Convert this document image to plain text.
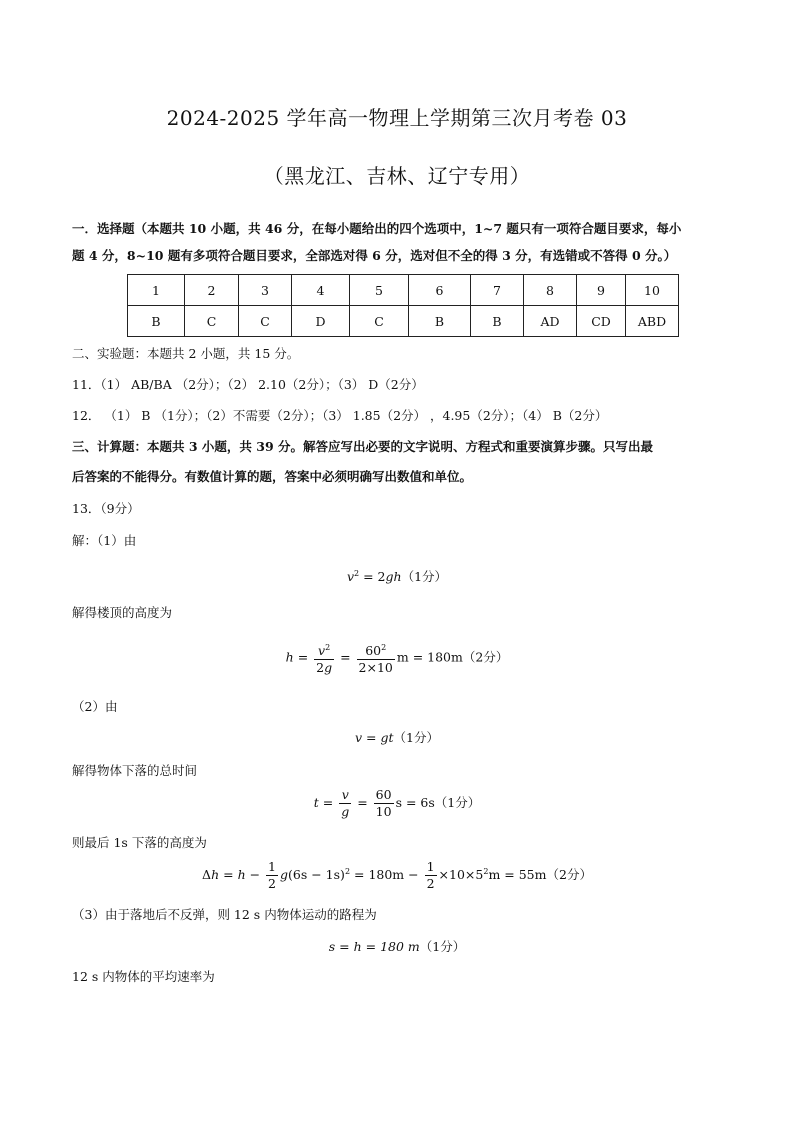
2024-2025 学年高一物理上学期第三次月考卷 03
（黑龙江、吉林、辽宁专用）
一．选择题（本题共 10 小题，共 46 分，在每小题给出的四个选项中，1~7 题只有一项符合题目要求，每小
题 4 分，8~10 题有多项符合题目要求，全部选对得 6 分，选对但不全的得 3 分，有选错或不答得 0 分。）
1	2	3	4	5	6	7	8	9	10
B	C	C	D	C	B	B	AD	CD	ABD
二、实验题：本题共 2 小题，共 15 分。
11．（1） AB/BA （2分）；（2） 2.10（2分）；（3） D（2分）
12． （1） B （1分）；（2）不需要（2分）；（3） 1.85（2分） ，4.95（2分）；（4） B（2分）
三、计算题：本题共 3 小题，共 39 分。解答应写出必要的文字说明、方程式和重要演算步骤。只写出最
后答案的不能得分。有数值计算的题，答案中必须明确写出数值和单位。
13．（9分）
解：（1）由
$v^2 = 2gh(1$分）
解得楼顶的高度为
$h = \frac{v^2}{2g} = \frac{60^2}{2\times 10}$ m = 180m（2分）
（2）由
v = gt（1分）
解得物体下落的总时间
$t = \frac{v}{g} = \frac{60}{10}$ s = 6s（1分）
则最后 1s 下落的高度为
$\Delta h = h - \frac{1}{2} g(6s - 1s)^2 = 180m - \frac{1}{2} \times 10\times 5^2m = 55m(2$分）
（3）由于落地后不反弹，则 12 s 内物体运动的路程为
s = h = 180 m（1分）
12 s 内物体的平均速率为
